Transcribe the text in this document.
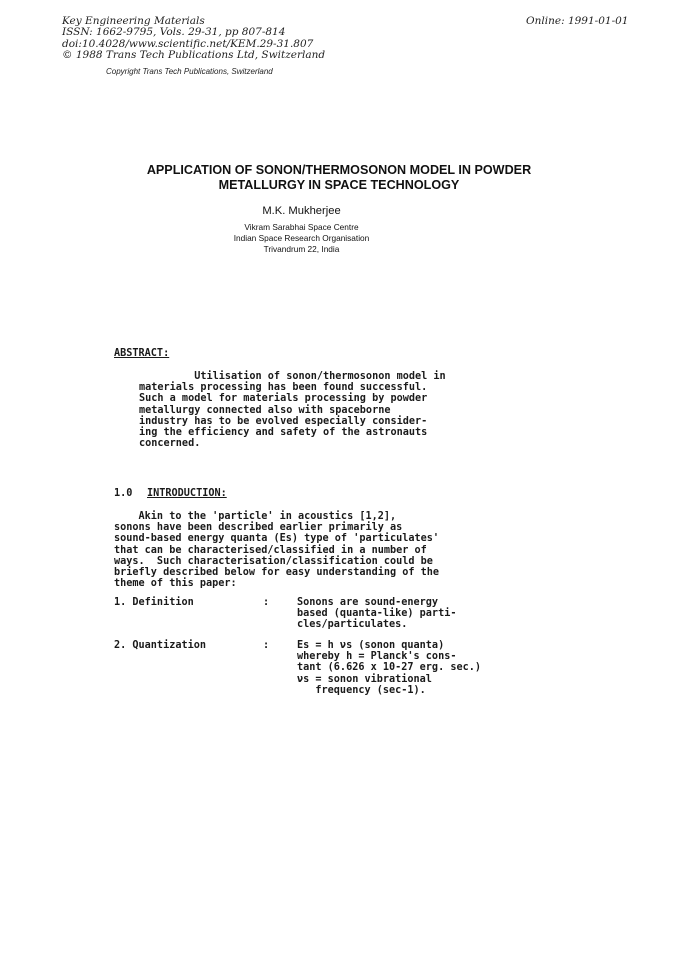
Key Engineering Materials
ISSN: 1662-9795, Vols. 29-31, pp 807-814
doi:10.4028/www.scientific.net/KEM.29-31.807
© 1988 Trans Tech Publications Ltd, Switzerland
Online: 1991-01-01
Copyright Trans Tech Publications, Switzerland
APPLICATION OF SONON/THERMOSONON MODEL IN POWDER
METALLURGY IN SPACE TECHNOLOGY
M.K. Mukherjee
Vikram Sarabhai Space Centre
Indian Space Research Organisation
Trivandrum 22, India
ABSTRACT:
Utilisation of sonon/thermosonon model in
materials processing has been found successful.
Such a model for materials processing by powder
metallurgy connected also with spaceborne
industry has to be evolved especially consider-
ing the efficiency and safety of the astronauts
concerned.
1.0 INTRODUCTION:
Akin to the 'particle' in acoustics [1,2],
sonons have been described earlier primarily as
sound-based energy quanta (Es) type of 'particulates'
that can be characterised/classified in a number of
ways.  Such characterisation/classification could be
briefly described below for easy understanding of the
theme of this paper:
1. Definition	:	Sonons are sound-energy
based (quanta-like) parti-
cles/particulates.
2. Quantization	:	Es = h νs (sonon quanta)
whereby h = Planck's cons-
tant (6.626 x 10-27 erg. sec.)
νs = sonon vibrational
frequency (sec-1).
